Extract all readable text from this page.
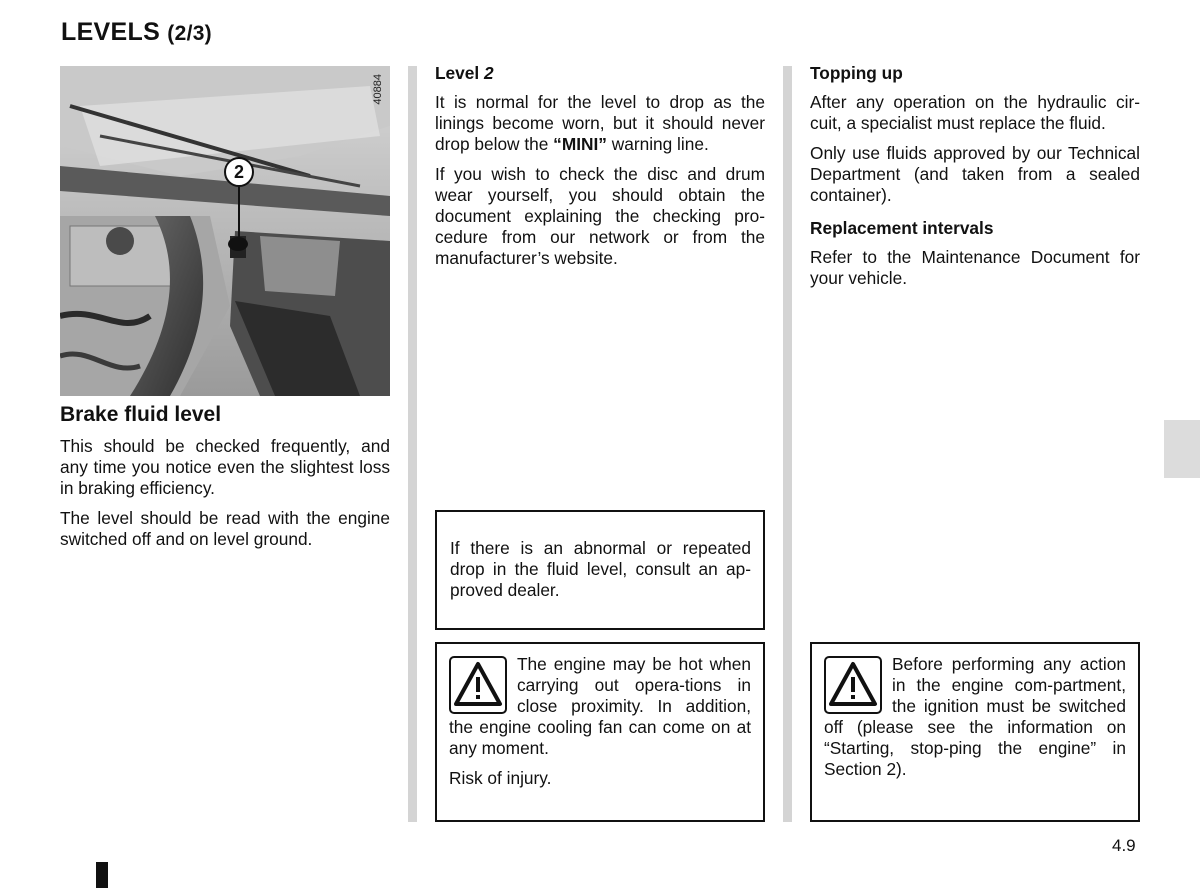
LEVELS (2/3)
40884
2
Brake fluid level

This should be checked frequently, and any time you notice even the slightest loss in braking efficiency.

The level should be read with the engine switched off and on level ground.

Level 2

It is normal for the level to drop as the linings become worn, but it should never drop below the “MINI” warning line.

If you wish to check the disc and drum wear yourself, you should obtain the document explaining the checking pro-cedure from our network or from the manufacturer’s website.

If there is an abnormal or repeated drop in the fluid level, consult an ap-proved dealer.

The engine may be hot when carrying out opera-tions in close proximity. In addition, the engine cooling fan can come on at any moment.

Risk of injury.

Topping up

After any operation on the hydraulic cir-cuit, a specialist must replace the fluid.

Only use fluids approved by our Technical Department (and taken from a sealed container).

Replacement intervals

Refer to the Maintenance Document for your vehicle.

Before performing any action in the engine com-partment, the ignition must be switched off (please see the information on “Starting, stop-ping the engine” in Section 2).

4.9
